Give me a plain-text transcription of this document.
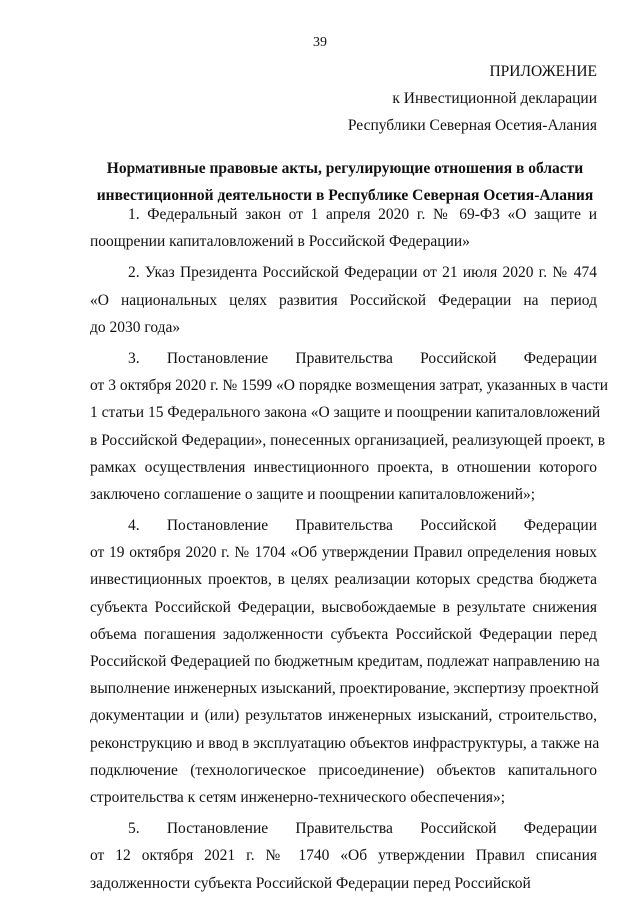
39
ПРИЛОЖЕНИЕ
к Инвестиционной декларации
Республики Северная Осетия-Алания
Нормативные правовые акты, регулирующие отношения в области
инвестиционной деятельности в Республике Северная Осетия-Алания
1. Федеральный закон от 1 апреля 2020 г. № 69-ФЗ «О защите и
поощрении капиталовложений в Российской Федерации»
2. Указ Президента Российской Федерации от 21 июля 2020 г. № 474
«О национальных целях развития Российской Федерации на период
до 2030 года»
3. Постановление Правительства Российской Федерации
от 3 октября 2020 г. № 1599 «О порядке возмещения затрат, указанных в части
1 статьи 15 Федерального закона «О защите и поощрении капиталовложений
в Российской Федерации», понесенных организацией, реализующей проект, в
рамках осуществления инвестиционного проекта, в отношении которого
заключено соглашение о защите и поощрении капиталовложений»;
4. Постановление Правительства Российской Федерации
от 19 октября 2020 г. № 1704 «Об утверждении Правил определения новых
инвестиционных проектов, в целях реализации которых средства бюджета
субъекта Российской Федерации, высвобождаемые в результате снижения
объема погашения задолженности субъекта Российской Федерации перед
Российской Федерацией по бюджетным кредитам, подлежат направлению на
выполнение инженерных изысканий, проектирование, экспертизу проектной
документации и (или) результатов инженерных изысканий, строительство,
реконструкцию и ввод в эксплуатацию объектов инфраструктуры, а также на
подключение (технологическое присоединение) объектов капитального
строительства к сетям инженерно-технического обеспечения»;
5. Постановление Правительства Российской Федерации
от 12 октября 2021 г. № 1740 «Об утверждении Правил списания
задолженности субъекта Российской Федерации перед Российской
